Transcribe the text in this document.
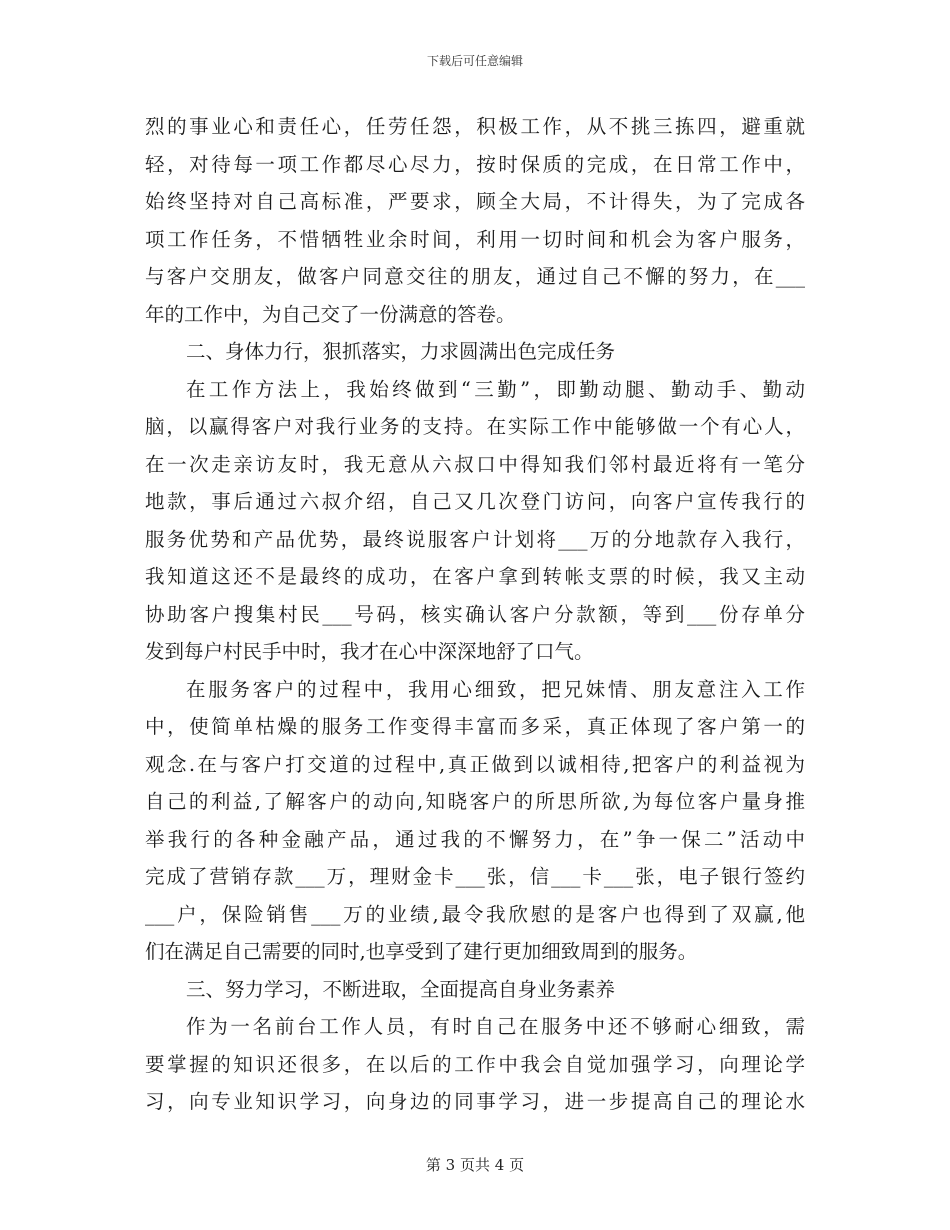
下载后可任意编辑
烈的事业心和责任心，任劳任怨，积极工作，从不挑三拣四，避重就
轻，对待每一项工作都尽心尽力，按时保质的完成，在日常工作中，
始终坚持对自己高标准，严要求，顾全大局，不计得失，为了完成各
项工作任务，不惜牺牲业余时间，利用一切时间和机会为客户服务，
与客户交朋友，做客户同意交往的朋友，通过自己不懈的努力，在___
年的工作中，为自己交了一份满意的答卷。
二、身体力行，狠抓落实，力求圆满出色完成任务
在工作方法上，我始终做到“三勤”，即勤动腿、勤动手、勤动
脑，以赢得客户对我行业务的支持。在实际工作中能够做一个有心人，
在一次走亲访友时，我无意从六叔口中得知我们邻村最近将有一笔分
地款，事后通过六叔介绍，自己又几次登门访问，向客户宣传我行的
服务优势和产品优势，最终说服客户计划将___万的分地款存入我行，
我知道这还不是最终的成功，在客户拿到转帐支票的时候，我又主动
协助客户搜集村民___号码，核实确认客户分款额，等到___份存单分
发到每户村民手中时，我才在心中深深地舒了口气。
在服务客户的过程中，我用心细致，把兄妹情、朋友意注入工作
中，使简单枯燥的服务工作变得丰富而多采，真正体现了客户第一的
观念.在与客户打交道的过程中,真正做到以诚相待,把客户的利益视为
自己的利益,了解客户的动向,知晓客户的所思所欲,为每位客户量身推
举我行的各种金融产品，通过我的不懈努力，在”争一保二”活动中
完成了营销存款___万，理财金卡___张，信___卡___张，电子银行签约
___户，保险销售___万的业绩,最令我欣慰的是客户也得到了双赢,他
们在满足自己需要的同时,也享受到了建行更加细致周到的服务。
三、努力学习，不断进取，全面提高自身业务素养
作为一名前台工作人员，有时自己在服务中还不够耐心细致，需
要掌握的知识还很多，在以后的工作中我会自觉加强学习，向理论学
习，向专业知识学习，向身边的同事学习，进一步提高自己的理论水
第 3 页共 4 页
